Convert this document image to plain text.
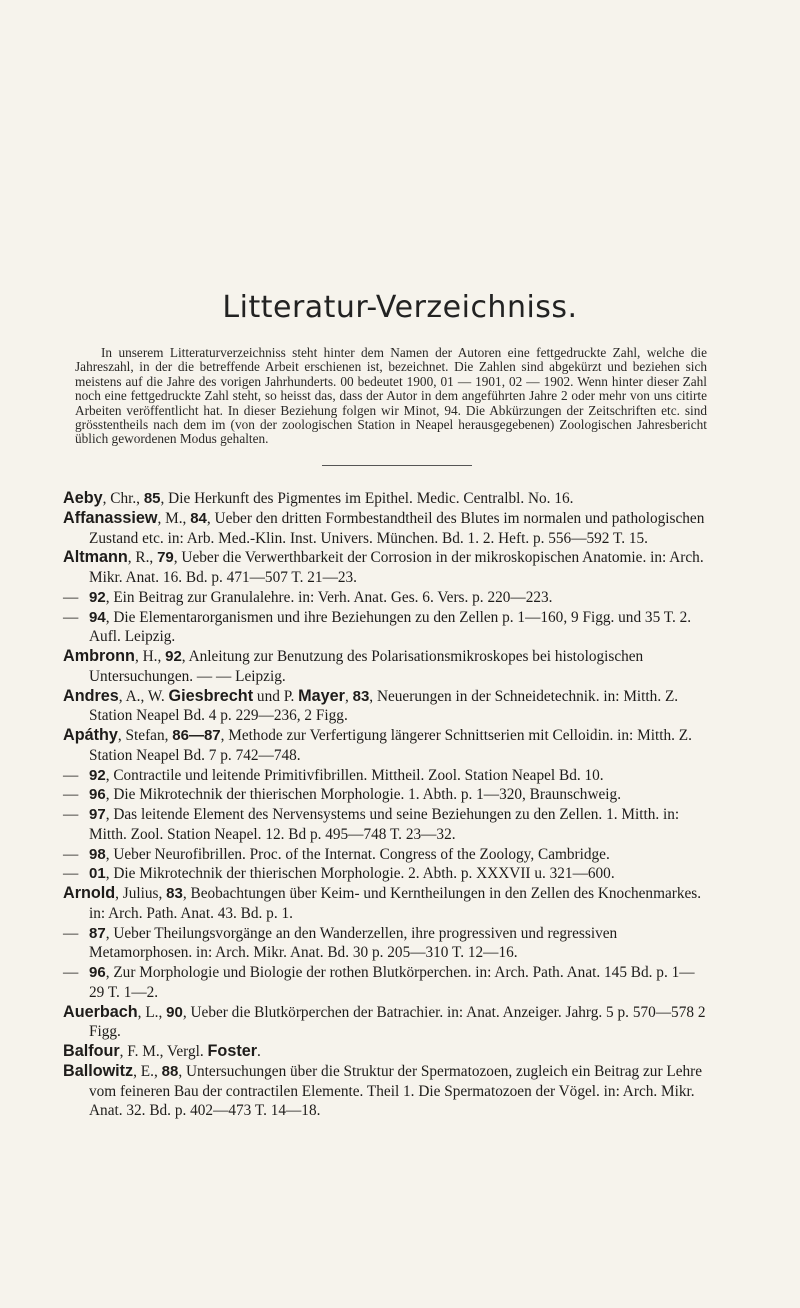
Litteratur-Verzeichniss.
In unserem Litteraturverzeichniss steht hinter dem Namen der Autoren eine fettgedruckte Zahl, welche die Jahreszahl, in der die betreffende Arbeit erschienen ist, bezeichnet. Die Zahlen sind abgekürzt und beziehen sich meistens auf die Jahre des vorigen Jahrhunderts. 00 bedeutet 1900, 01 — 1901, 02 — 1902. Wenn hinter dieser Zahl noch eine fettgedruckte Zahl steht, so heisst das, dass der Autor in dem angeführten Jahre 2 oder mehr von uns citirte Arbeiten veröffentlicht hat. In dieser Beziehung folgen wir Minot, 94. Die Abkürzungen der Zeitschriften etc. sind grösstentheils nach dem im (von der zoologischen Station in Neapel herausgegebenen) Zoologischen Jahresbericht üblich gewordenen Modus gehalten.
Aeby, Chr., 85, Die Herkunft des Pigmentes im Epithel. Medic. Centralbl. No. 16.
Affanassiew, M., 84, Ueber den dritten Formbestandtheil des Blutes im normalen und pathologischen Zustand etc. in: Arb. Med.-Klin. Inst. Univers. München. Bd. 1. 2. Heft. p. 556—592 T. 15.
Altmann, R., 79, Ueber die Verwerthbarkeit der Corrosion in der mikroskopischen Anatomie. in: Arch. Mikr. Anat. 16. Bd. p. 471—507 T. 21—23.
— 92, Ein Beitrag zur Granulalehre. in: Verh. Anat. Ges. 6. Vers. p. 220—223.
— 94, Die Elementarorganismen und ihre Beziehungen zu den Zellen p. 1—160, 9 Figg. und 35 T. 2. Aufl. Leipzig.
Ambronn, H., 92, Anleitung zur Benutzung des Polarisationsmikroskopes bei histologischen Untersuchungen. — — Leipzig.
Andres, A., W. Giesbrecht und P. Mayer, 83, Neuerungen in der Schneidetechnik. in: Mitth. Z. Station Neapel Bd. 4 p. 229—236, 2 Figg.
Apáthy, Stefan, 86—87, Methode zur Verfertigung längerer Schnittserien mit Celloidin. in: Mitth. Z. Station Neapel Bd. 7 p. 742—748.
— 92, Contractile und leitende Primitivfibrillen. Mittheil. Zool. Station Neapel Bd. 10.
— 96, Die Mikrotechnik der thierischen Morphologie. 1. Abth. p. 1—320, Braunschweig.
— 97, Das leitende Element des Nervensystems und seine Beziehungen zu den Zellen. 1. Mitth. in: Mitth. Zool. Station Neapel. 12. Bd p. 495—748 T. 23—32.
— 98, Ueber Neurofibrillen. Proc. of the Internat. Congress of the Zoology, Cambridge.
— 01, Die Mikrotechnik der thierischen Morphologie. 2. Abth. p. XXXVII u. 321—600.
Arnold, Julius, 83, Beobachtungen über Keim- und Kerntheilungen in den Zellen des Knochenmarkes. in: Arch. Path. Anat. 43. Bd. p. 1.
— 87, Ueber Theilungsvorgänge an den Wanderzellen, ihre progressiven und regressiven Metamorphosen. in: Arch. Mikr. Anat. Bd. 30 p. 205—310 T. 12—16.
— 96, Zur Morphologie und Biologie der rothen Blutkörperchen. in: Arch. Path. Anat. 145 Bd. p. 1—29 T. 1—2.
Auerbach, L., 90, Ueber die Blutkörperchen der Batrachier. in: Anat. Anzeiger. Jahrg. 5 p. 570—578 2 Figg.
Balfour, F. M., Vergl. Foster.
Ballowitz, E., 88, Untersuchungen über die Struktur der Spermatozoen, zugleich ein Beitrag zur Lehre vom feineren Bau der contractilen Elemente. Theil 1. Die Spermatozoen der Vögel. in: Arch. Mikr. Anat. 32. Bd. p. 402—473 T. 14—18.
